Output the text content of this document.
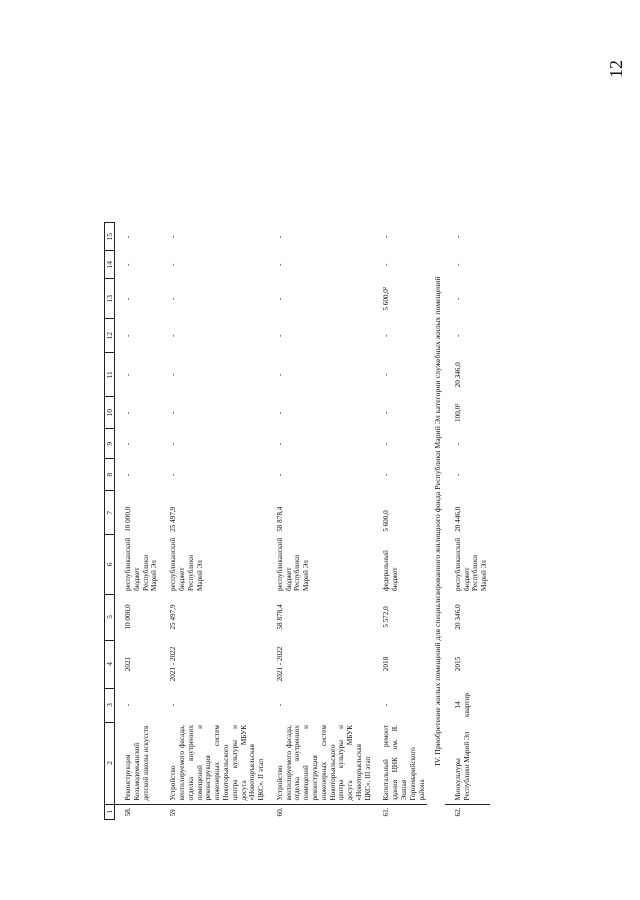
12
1	2	3	4	5	6	7	8	9	10	11	12	13	14	15
58.	Реконструкция Козьмодемьянской детской школы искусств	-	2021	10 000,0	республиканский бюджет Республики Марий Эл	10 000,0	-	-	-	-	-	-	-	-
59	Устройство вентилируемого фасада, отделка внутренних помещений и реконструкция инженерных систем Новоторъяльского центра культуры и досуга МБУК «Новоторъяльская ЦКС». II этап	-	2021 - 2022	25 497,9	республиканский бюджет Республики Марий Эл	25 497,9	-	-	-	-	-	-	-	-
60.	Устройство вентилируемого фасада, отделка внутренних помещений и реконструкция инженерных систем Новоторъяльского центра культуры и досуга МБУК «Новоторъяльская ЦКС». III этап	-	2021 - 2022	58 878,4	республиканский бюджет Республики Марий Эл	58 878,4	-	-	-	-	-	-	-	-
61.	Капитальный ремонт здания ЦНК им. Я. Эшпая Горномарийского района	-	2018	5 572,0	федеральный бюджет	5 600,0	-	-	-	-	-	5 600,0²	-	-
IV. Приобретение жилых помещений для специализированного жилищного фонда Республики Марий Эл категории служебных жилых помещений														
62.	Минкультуры Республики Марий Эл	14 квартир	2015	20 346,0	республиканский бюджет Республики Марий Эл	20 446,0	-	-	100,0²	20 346,0	-	-	-	-
